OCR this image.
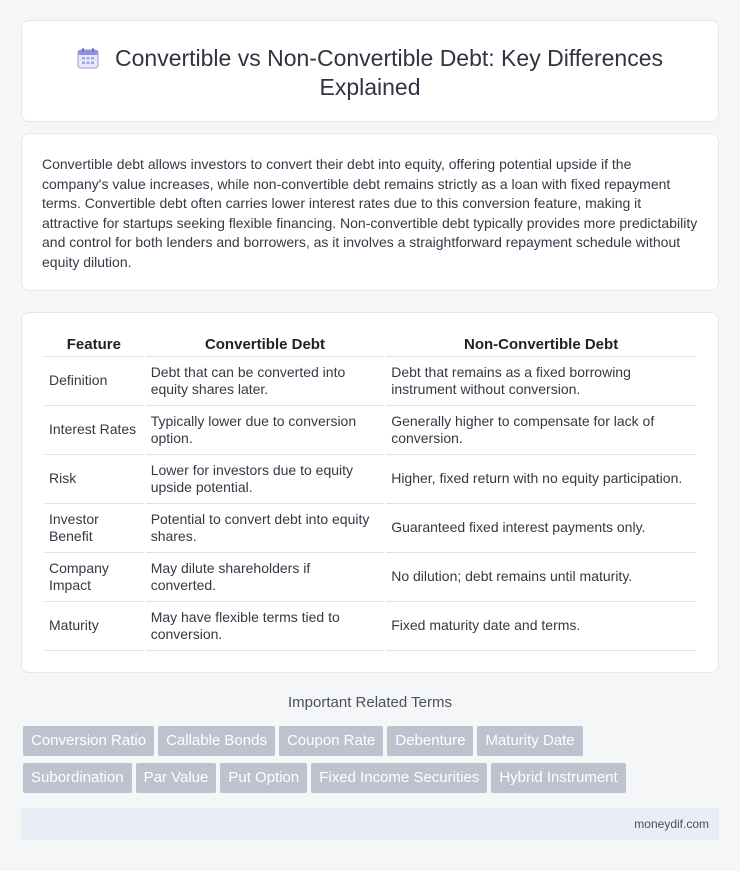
Convertible vs Non-Convertible Debt: Key Differences Explained

Convertible debt allows investors to convert their debt into equity, offering potential upside if the company's value increases, while non-convertible debt remains strictly as a loan with fixed repayment terms. Convertible debt often carries lower interest rates due to this conversion feature, making it attractive for startups seeking flexible financing. Non-convertible debt typically provides more predictability and control for both lenders and borrowers, as it involves a straightforward repayment schedule without equity dilution.

Feature	Convertible Debt	Non-Convertible Debt
Definition	Debt that can be converted into equity shares later.	Debt that remains as a fixed borrowing instrument without conversion.
Interest Rates	Typically lower due to conversion option.	Generally higher to compensate for lack of conversion.
Risk	Lower for investors due to equity upside potential.	Higher, fixed return with no equity participation.
Investor Benefit	Potential to convert debt into equity shares.	Guaranteed fixed interest payments only.
Company Impact	May dilute shareholders if converted.	No dilution; debt remains until maturity.
Maturity	May have flexible terms tied to conversion.	Fixed maturity date and terms.
Important Related Terms
Conversion Ratio Callable Bonds Coupon Rate Debenture Maturity Date
Subordination Par Value Put Option Fixed Income Securities Hybrid Instrument
moneydif.com
